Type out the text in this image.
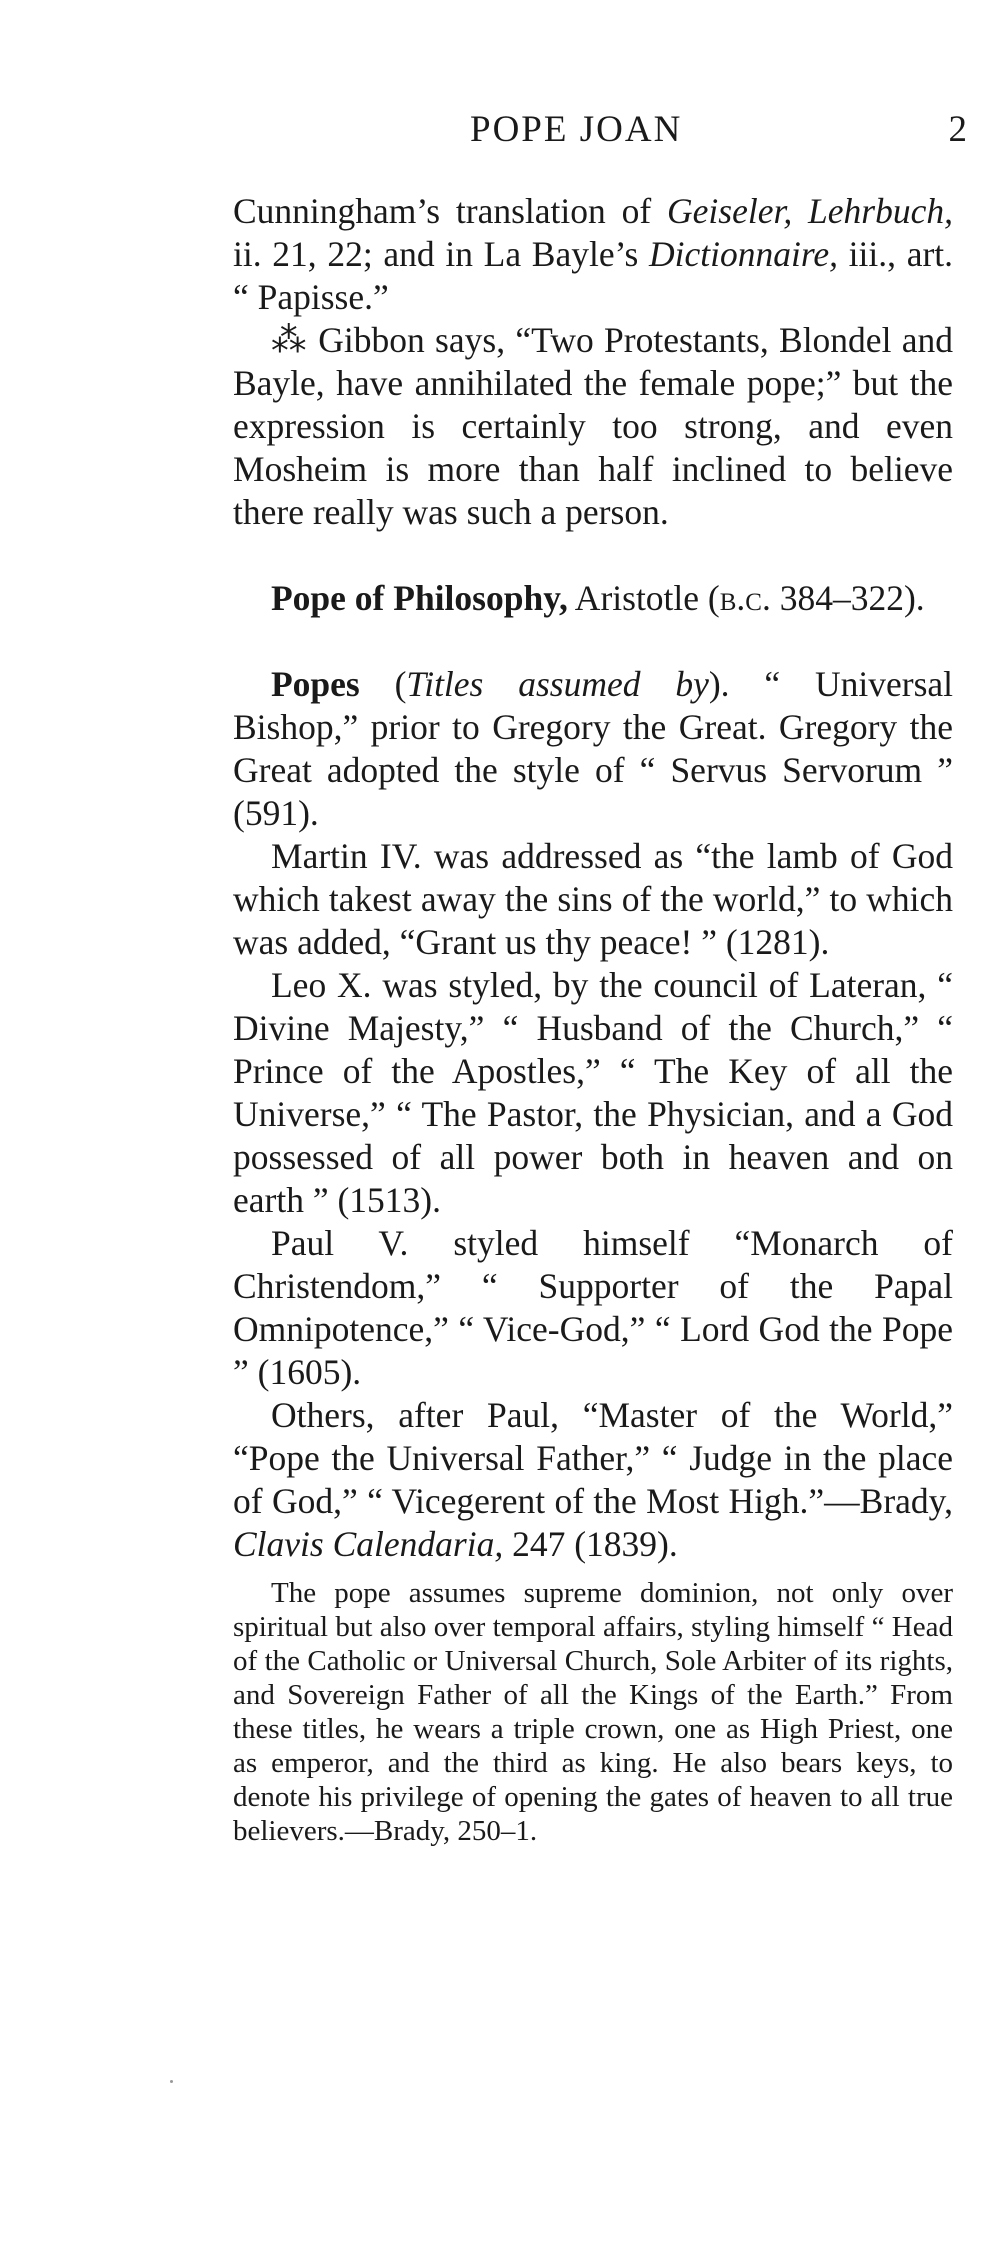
POPE JOAN	2

Cunningham’s translation of Geiseler, Lehrbuch, ii. 21, 22; and in La Bayle’s Dictionnaire, iii., art. “ Papisse.”

⁂ Gibbon says, “Two Protestants, Blondel and Bayle, have annihilated the female pope;” but the expression is certainly too strong, and even Mosheim is more than half inclined to believe there really was such a person.

Pope of Philosophy, Aristotle (b.c. 384–322).

Popes (Titles assumed by). “ Universal Bishop,” prior to Gregory the Great. Gregory the Great adopted the style of “ Servus Servorum ” (591).

Martin IV. was addressed as “the lamb of God which takest away the sins of the world,” to which was added, “Grant us thy peace! ” (1281).

Leo X. was styled, by the council of Lateran, “ Divine Majesty,” “ Husband of the Church,” “ Prince of the Apostles,” “ The Key of all the Universe,” “ The Pastor, the Physician, and a God possessed of all power both in heaven and on earth ” (1513).

Paul V. styled himself “Monarch of Christendom,” “ Supporter of the Papal Omnipotence,” “ Vice-God,” “ Lord God the Pope ” (1605).

Others, after Paul, “Master of the World,” “Pope the Universal Father,” “ Judge in the place of God,” “ Vicegerent of the Most High.”—Brady, Clavis Calendaria, 247 (1839).

The pope assumes supreme dominion, not only over spiritual but also over temporal affairs, styling himself “ Head of the Catholic or Universal Church, Sole Arbiter of its rights, and Sovereign Father of all the Kings of the Earth.” From these titles, he wears a triple crown, one as High Priest, one as emperor, and the third as king. He also bears keys, to denote his privilege of opening the gates of heaven to all true believers.—Brady, 250–1.
